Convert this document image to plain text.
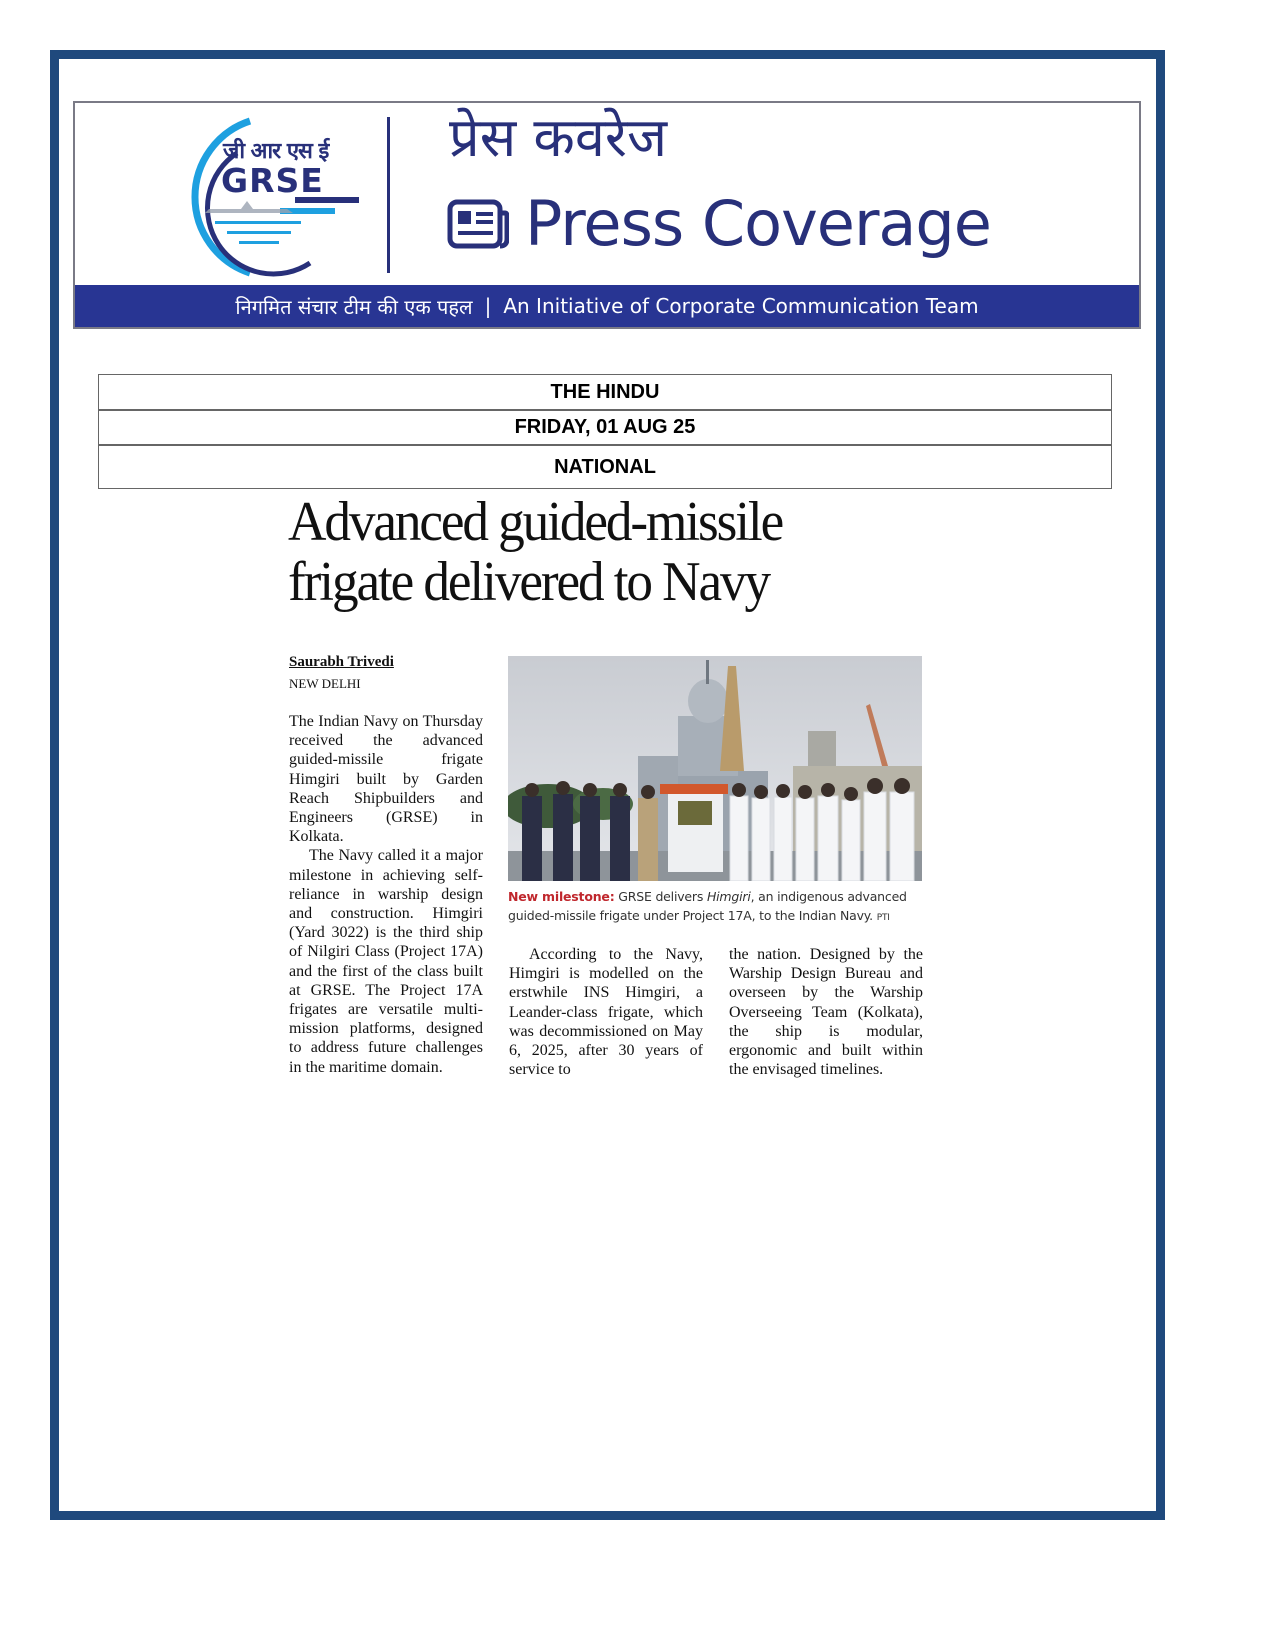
जी आर एस ई
GRSE
प्रेस कवरेज
Press Coverage
निगमित संचार टीम की एक पहल | An Initiative of Corporate Communication Team
THE HINDU
FRIDAY, 01 AUG 25
NATIONAL
Advanced guided-missile
frigate delivered to Navy
Saurabh Trivedi
NEW DELHI

The Indian Navy on Thursday received the advanced guided-missile frigate Himgiri built by Garden Reach Shipbuilders and Engineers (GRSE) in Kolkata.

The Navy called it a major milestone in achieving self-reliance in warship design and construction. Himgiri (Yard 3022) is the third ship of Nilgiri Class (Project 17A) and the first of the class built at GRSE. The Project 17A frigates are versatile multi-mission platforms, designed to address future challenges in the maritime domain.

New milestone: GRSE delivers Himgiri, an indigenous advanced guided-missile frigate under Project 17A, to the Indian Navy. PTI

According to the Navy, Himgiri is modelled on the erstwhile INS Himgiri, a Leander-class frigate, which was decommissioned on May 6, 2025, after 30 years of service to

the nation. Designed by the Warship Design Bureau and overseen by the Warship Overseeing Team (Kolkata), the ship is modular, ergonomic and built within the envisaged timelines.
